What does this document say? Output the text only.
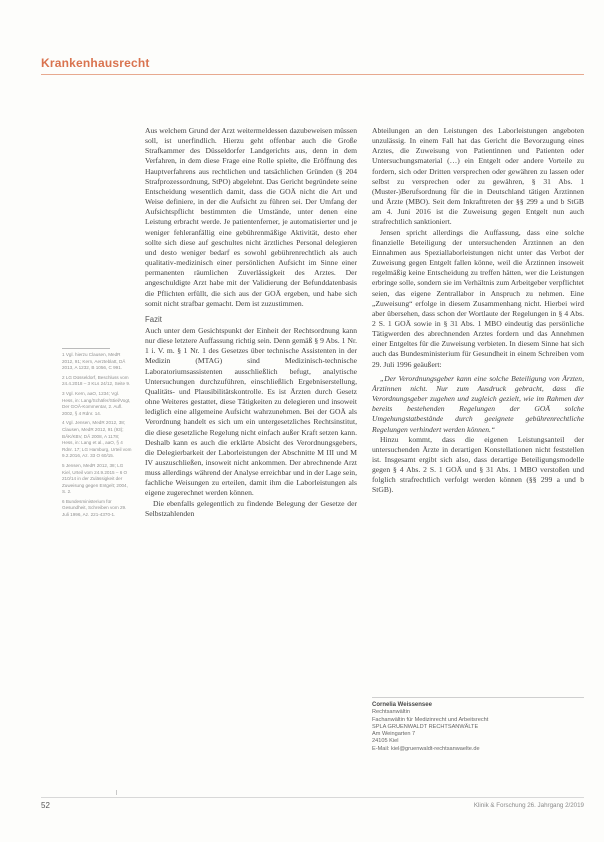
Krankenhausrecht

Aus welchem Grund der Arzt weitermeldessen dazubeweisen müssen soll, ist unerfindlich. Hierzu geht offenbar auch die Große Strafkammer des Düsseldorfer Landgerichts aus, denn in dem Verfahren, in dem diese Frage eine Rolle spielte, die Eröffnung des Hauptverfahrens aus rechtlichen und tatsächlichen Gründen (§ 204 Strafprozessordnung, StPO) abgelehnt. Das Gericht begründete seine Entscheidung wesentlich damit, dass die GOÄ nicht die Art und Weise definiere, in der die Aufsicht zu führen sei. Der Umfang der Aufsichtspflicht bestimmten die Umstände, unter denen eine Leistung erbracht werde. Je patientenferner, je automatisierter und je weniger fehleranfällig eine gebührenmäßige Aktivität, desto eher sollte sich diese auf geschultes nicht ärztliches Personal delegieren und desto weniger bedarf es sowohl gebührenrechtlich als auch qualitativ-medizinisch einer persönlichen Aufsicht im Sinne einer permanenten räumlichen Zuverlässigkeit des Arztes. Der angeschuldigte Arzt habe mit der Validierung der Befunddatenbasis die Pflichten erfüllt, die sich aus der GOÄ ergeben, und habe sich somit nicht strafbar gemacht. Dem ist zuzustimmen.

Fazit

Auch unter dem Gesichtspunkt der Einheit der Rechtsordnung kann nur diese letztere Auffassung richtig sein. Denn gemäß § 9 Abs. 1 Nr. 1 i. V. m. § 1 Nr. 1 des Gesetzes über technische Assistenten in der Medizin (MTAG) sind Medizinisch-technische Laboratoriumsassistenten ausschließlich befugt, analytische Untersuchungen durchzuführen, einschließlich Ergebniserstellung, Qualitäts- und Plausibilitätskontrolle. Es ist Ärzten durch Gesetz ohne Weiteres gestattet, diese Tätigkeiten zu delegieren und insoweit lediglich eine allgemeine Aufsicht wahrzunehmen. Bei der GOÄ als Verordnung handelt es sich um ein untergesetzliches Rechtsinstitut, die diese gesetzliche Regelung nicht einfach außer Kraft setzen kann. Deshalb kann es auch die erklärte Absicht des Verordnungsgebers, die Delegierbarkeit der Laborleistungen der Abschnitte M III und M IV auszuschließen, insoweit nicht ankommen. Der abrechnende Arzt muss allerdings während der Analyse erreichbar und in der Lage sein, fachliche Weisungen zu erteilen, damit ihm die Laborleistungen als eigene zugerechnet werden können.

Die ebenfalls gelegentlich zu findende Belegung der Gesetze der Selbstzahlenden

Abteilungen an den Leistungen des Laborleistungen angeboten unzulässig. In einem Fall hat das Gericht die Bevorzugung eines Arztes, die Zuweisung von Patientinnen und Patienten oder Untersuchungsmaterial (…) ein Entgelt oder andere Vorteile zu fordern, sich oder Dritten versprechen oder gewähren zu lassen oder selbst zu versprechen oder zu gewähren, § 31 Abs. 1 (Muster-)Berufsordnung für die in Deutschland tätigen Ärztinnen und Ärzte (MBO). Seit dem Inkrafttreten der §§ 299 a und b StGB am 4. Juni 2016 ist die Zuweisung gegen Entgelt nun auch strafrechtlich sanktioniert.

Jensen spricht allerdings die Auffassung, dass eine solche finanzielle Beteiligung der untersuchenden Ärztinnen an den Einnahmen aus Speziallaborleistungen nicht unter das Verbot der Zuweisung gegen Entgelt fallen könne, weil die Ärztinnen insoweit regelmäßig keine Entscheidung zu treffen hätten, wer die Leistungen erbringe solle, sondern sie im Verhältnis zum Arbeitgeber verpflichtet seien, das eigene Zentrallabor in Anspruch zu nehmen. Eine „Zuweisung“ erfolge in diesem Zusammenhang nicht. Hierbei wird aber übersehen, dass schon der Wortlaute der Regelungen in § 4 Abs. 2 S. 1 GOÄ sowie in § 31 Abs. 1 MBO eindeutig das persönliche Tätigwerden des abrechnenden Arztes fordern und das Annehmen einer Entgeltes für die Zuweisung verbieten. In diesem Sinne hat sich auch das Bundesministerium für Gesundheit in einem Schreiben vom 29. Juli 1996 geäußert:

„Der Verordnungsgeber kann eine solche Beteiligung von Ärzten, Ärztinnen nicht. Nur zum Ausdruck gebracht, dass die Verordnungsgeber zugehen und zugleich gezielt, wie im Rahmen der bereits bestehenden Regelungen der GOÄ solche Umgehungstatbestände durch geeignete gebührenrechtliche Regelungen verhindert werden können.“

Hinzu kommt, dass die eigenen Leistungsanteil der untersuchenden Ärzte in derartigen Konstellationen nicht feststellen ist. Insgesamt ergibt sich also, dass derartige Beteiligungsmodelle gegen § 4 Abs. 2 S. 1 GOÄ und § 31 Abs. 1 MBO verstoßen und folglich strafrechtlich verfolgt werden können (§§ 299 a und b StGB).

1 Vgl. hierzu Clausen, MedR 2012, 91; Kern, Aerzteblatt, DÄ 2013, A 1232, B 1056, C 991.

2 LG Düsseldorf, Beschluss vom 24.4.2018 – 3 KLs 24/12, Seite 9.

3 Vgl. Kern, aaO, 1234; Vgl. Hess, in: Lang/Schäfer/Stiel/Vogt, Der GOÄ-Kommentar, 2. Aufl. 2002, § 4 Rdnr. 14.

4 Vgl. Jensen, MedR 2012, 38; Clausen, MedR 2012, 91 (93); BÄK/KBV, DÄ 2008, A 1178; Hess, in: Lang et al., aaO, § 4 Rdnr. 17; LG Hamburg, Urteil vom 9.2.2016, Az. 33 O 60/15.

5 Jensen, MedR 2012, 38; LG Kiel, Urteil vom 24.9.2015 – 6 O 210/14 in der Zulässigkeit der Zuweisung gegen Entgelt; 2004, S. 2.

6 Bundesministerium für Gesundheit, Schreiben vom 29. Juli 1996, Az. 221-4370-1.

Cornelia Weissensee
Rechtsanwältin
Fachanwältin für Medizinrecht und Arbeitsrecht
SPLA GRUENWALDT RECHTSANWÄLTE
Am Weingarten 7
24105 Kiel
E-Mail: kiel@gruenwaldt-rechtsanwaelte.de
52	Klinik & Forschung 26. Jahrgang 2/2019
